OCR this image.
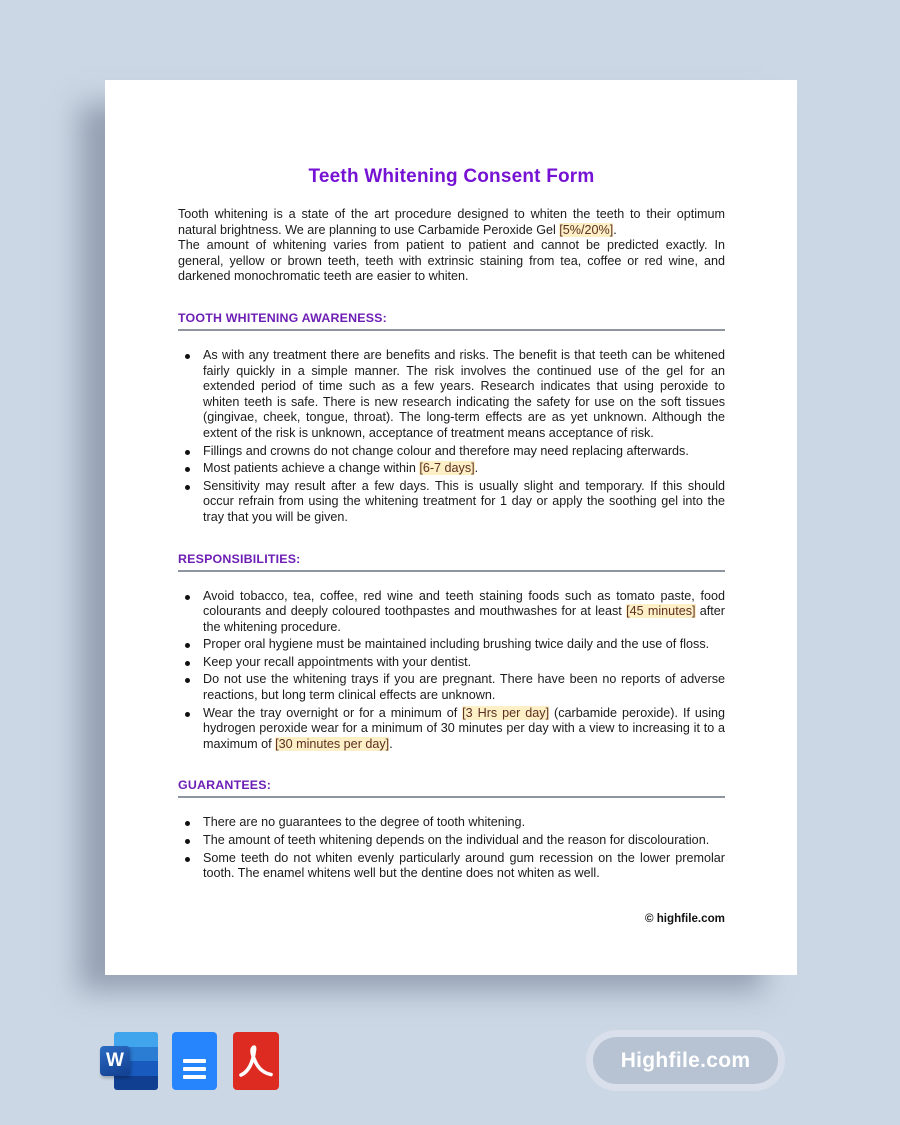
Teeth Whitening Consent Form

Tooth whitening is a state of the art procedure designed to whiten the teeth to their optimum natural brightness. We are planning to use Carbamide Peroxide Gel [5%/20%].

The amount of whitening varies from patient to patient and cannot be predicted exactly. In general, yellow or brown teeth, teeth with extrinsic staining from tea, coffee or red wine, and darkened monochromatic teeth are easier to whiten.

TOOTH WHITENING AWARENESS:
As with any treatment there are benefits and risks. The benefit is that teeth can be whitened fairly quickly in a simple manner. The risk involves the continued use of the gel for an extended period of time such as a few years. Research indicates that using peroxide to whiten teeth is safe. There is new research indicating the safety for use on the soft tissues (gingivae, cheek, tongue, throat). The long-term effects are as yet unknown. Although the extent of the risk is unknown, acceptance of treatment means acceptance of risk.
Fillings and crowns do not change colour and therefore may need replacing afterwards.
Most patients achieve a change within [6-7 days].
Sensitivity may result after a few days. This is usually slight and temporary. If this should occur refrain from using the whitening treatment for 1 day or apply the soothing gel into the tray that you will be given.
RESPONSIBILITIES:
Avoid tobacco, tea, coffee, red wine and teeth staining foods such as tomato paste, food colourants and deeply coloured toothpastes and mouthwashes for at least [45 minutes] after the whitening procedure.
Proper oral hygiene must be maintained including brushing twice daily and the use of floss.
Keep your recall appointments with your dentist.
Do not use the whitening trays if you are pregnant. There have been no reports of adverse reactions, but long term clinical effects are unknown.
Wear the tray overnight or for a minimum of [3 Hrs per day] (carbamide peroxide). If using hydrogen peroxide wear for a minimum of 30 minutes per day with a view to increasing it to a maximum of [30 minutes per day].
GUARANTEES:
There are no guarantees to the degree of tooth whitening.
The amount of teeth whitening depends on the individual and the reason for discolouration.
Some teeth do not whiten evenly particularly around gum recession on the lower premolar tooth. The enamel whitens well but the dentine does not whiten as well.
© highfile.com
W	Highfile.com
